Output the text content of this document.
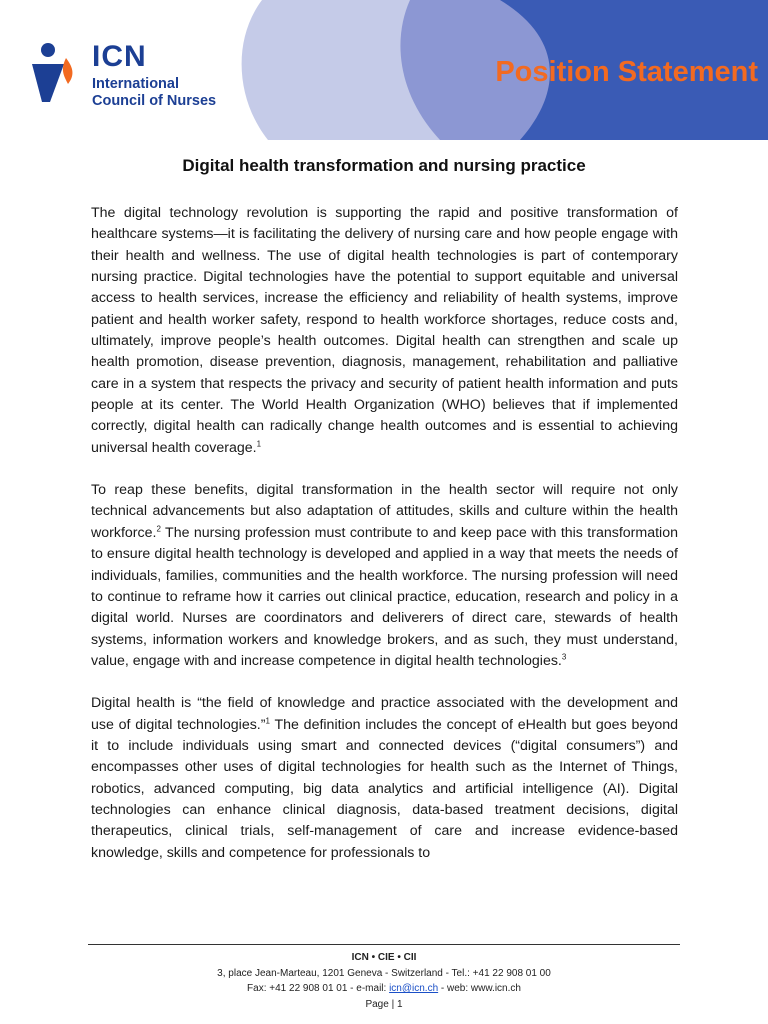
ICN
International
Council of Nurses
Position Statement
Digital health transformation and nursing practice

The digital technology revolution is supporting the rapid and positive transformation of healthcare systems—it is facilitating the delivery of nursing care and how people engage with their health and wellness. The use of digital health technologies is part of contemporary nursing practice. Digital technologies have the potential to support equitable and universal access to health services, increase the efficiency and reliability of health systems, improve patient and health worker safety, respond to health workforce shortages, reduce costs and, ultimately, improve people’s health outcomes. Digital health can strengthen and scale up health promotion, disease prevention, diagnosis, management, rehabilitation and palliative care in a system that respects the privacy and security of patient health information and puts people at its center. The World Health Organization (WHO) believes that if implemented correctly, digital health can radically change health outcomes and is essential to achieving universal health coverage.$^1$

To reap these benefits, digital transformation in the health sector will require not only technical advancements but also adaptation of attitudes, skills and culture within the health workforce.$^2$ The nursing profession must contribute to and keep pace with this transformation to ensure digital health technology is developed and applied in a way that meets the needs of individuals, families, communities and the health workforce. The nursing profession will need to continue to reframe how it carries out clinical practice, education, research and policy in a digital world. Nurses are coordinators and deliverers of direct care, stewards of health systems, information workers and knowledge brokers, and as such, they must understand, value, engage with and increase competence in digital health technologies.$^3$

Digital health is “the field of knowledge and practice associated with the development and use of digital technologies.”$^1$ The definition includes the concept of eHealth but goes beyond it to include individuals using smart and connected devices (“digital consumers”) and encompasses other uses of digital technologies for health such as the Internet of Things, robotics, advanced computing, big data analytics and artificial intelligence (AI). Digital technologies can enhance clinical diagnosis, data-based treatment decisions, digital therapeutics, clinical trials, self-management of care and increase evidence-based knowledge, skills and competence for professionals to

ICN • CIE • CII
3, place Jean-Marteau, 1201 Geneva - Switzerland - Tel.: +41 22 908 01 00
Fax: +41 22 908 01 01 - e-mail: icn@icn.ch - web: www.icn.ch
Page | 1
